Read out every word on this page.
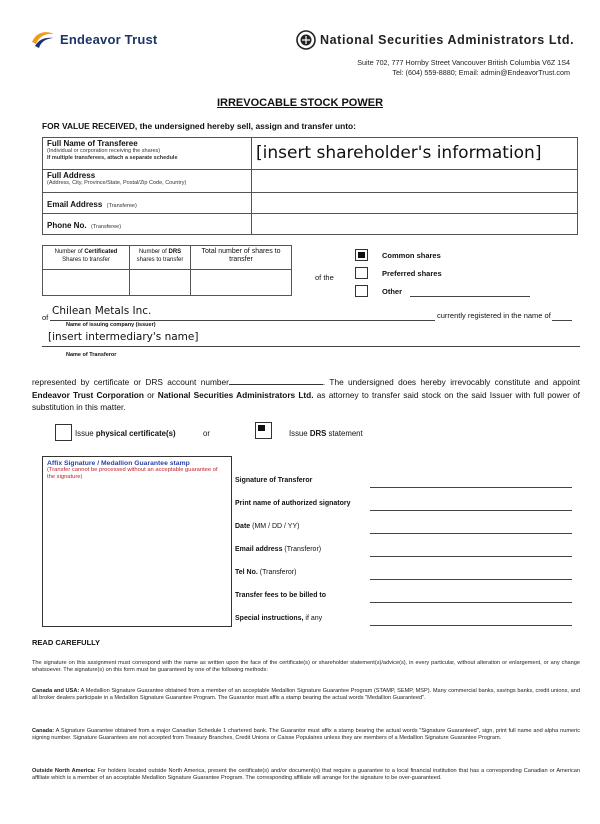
Endeavor Trust	National Securities Administrators Ltd.
Suite 702, 777 Hornby Street Vancouver British Columbia V6Z 1S4
Tel: (604) 559-8880; Email: admin@EndeavorTrust.com
IRREVOCABLE STOCK POWER
FOR VALUE RECEIVED, the undersigned hereby sell, assign and transfer unto:
Full Name of Transferee
(Individual or corporation receiving the shares)
If multiple transferees, attach a separate schedule	[insert shareholder's information]

Full Address
(Address, City, Province/State, Postal/Zip Code, Country)	

Email Address (Transferee)	
Phone No. (Transferee)	
Number of Certificated
Shares to transfer	Number of DRS
shares to transfer	Total number of shares to transfer

of the
Common shares
Preferred shares
Other
of
Chilean Metals Inc.
Name of issuing company (issuer)
currently registered in the name of
[insert intermediary's name]
Name of Transferor
represented by certificate or DRS account number	. The undersigned does hereby irrevocably constitute and appoint Endeavor Trust Corporation or National Securities Administrators Ltd. as attorney to transfer said stock on the said Issuer with full power of substitution in this matter.
Issue physical certificate(s)	or	Issue DRS statement
Affix Signature / Medallion Guarantee stamp
(Transfer cannot be processed without an acceptable guarantee of the signature)	Signature of Transferor
Print name of authorized signatory
Date (MM / DD / YY)
Email address (Transferor)
Tel No. (Transferor)
Transfer fees to be billed to
Special instructions, if any
READ CAREFULLY
The signature on this assignment must correspond with the name as written upon the face of the certificate(s) or shareholder statement(s)/advice(s), in every particular, without alteration or enlargement, or any change whatsoever. The signature(s) on this form must be guaranteed by one of the following methods:
Canada and USA: A Medallion Signature Guarantee obtained from a member of an acceptable Medallion Signature Guarantee Program (STAMP, SEMP, MSP). Many commercial banks, savings banks, credit unions, and all broker dealers participate in a Medallion Signature Guarantee Program. The Guarantor must affix a stamp bearing the actual words "Medallion Guaranteed".
Canada: A Signature Guarantee obtained from a major Canadian Schedule 1 chartered bank. The Guarantor must affix a stamp bearing the actual words "Signature Guaranteed", sign, print full name and alpha numeric signing number. Signature Guarantees are not accepted from Treasury Branches, Credit Unions or Caisse Populaires unless they are members of a Medallion Signature Guarantee Program.
Outside North America: For holders located outside North America, present the certificate(s) and/or document(s) that require a guarantee to a local financial institution that has a corresponding Canadian or American affiliate which is a member of an acceptable Medallion Signature Guarantee Program. The corresponding affiliate will arrange for the signature to be over-guaranteed.
